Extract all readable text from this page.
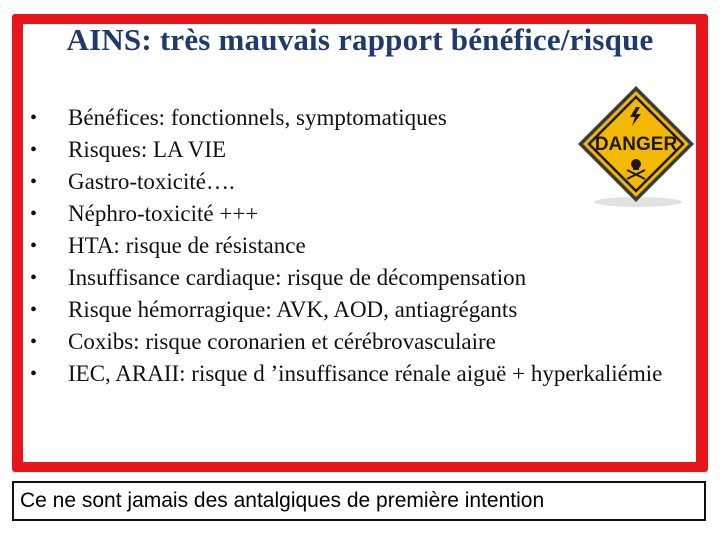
AINS: très mauvais rapport bénéfice/risque
• Bénéfices: fonctionnels, symptomatiques
• Risques: LA VIE
• Gastro-toxicité….
• Néphro-toxicité +++
• HTA: risque de résistance
• Insuffisance cardiaque: risque de décompensation
• Risque hémorragique: AVK, AOD, antiagrégants
• Coxibs: risque coronarien et cérébrovasculaire
• IEC, ARAII: risque d ’insuffisance rénale aiguë + hyperkaliémie
DANGER
Ce ne sont jamais des antalgiques de première intention
